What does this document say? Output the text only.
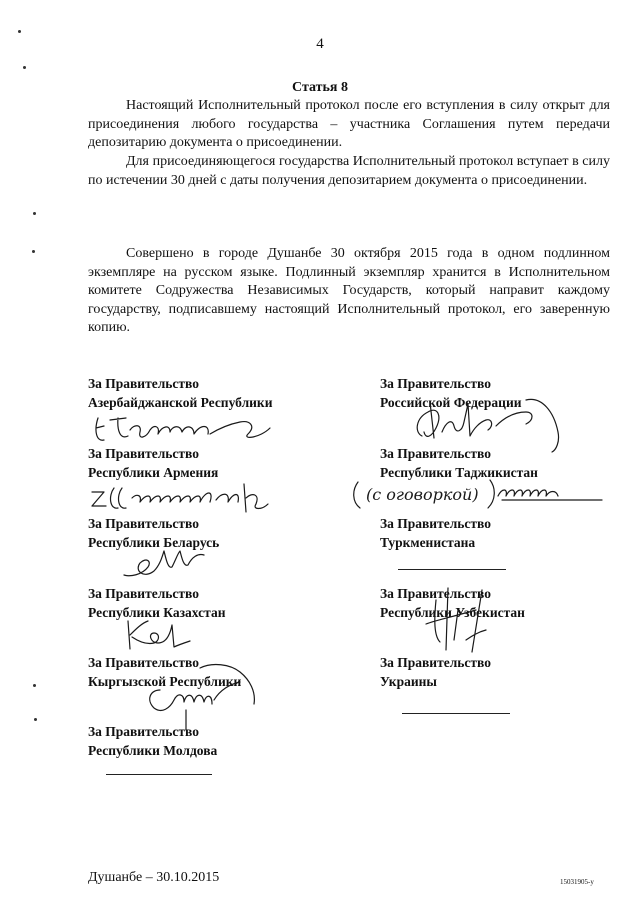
4
Статья 8

Настоящий Исполнительный протокол после его вступления в силу открыт для присоединения любого государства – участника Соглашения путем передачи депозитарию документа о присоединении.

Для присоединяющегося государства Исполнительный протокол вступает в силу по истечении 30 дней с даты получения депозитарием документа о присоединении.

Совершено в городе Душанбе 30 октября 2015 года в одном подлинном экземпляре на русском языке. Подлинный экземпляр хранится в Исполнительном комитете Содружества Независимых Государств, который направит каждому государству, подписавшему настоящий Исполнительный протокол, его заверенную копию.

За Правительство
Азербайджанской Республики
За Правительство
Республики Армения
За Правительство
Республики Беларусь
За Правительство
Республики Казахстан
За Правительство
Кыргызской Республики
За Правительство
Республики Молдова
За Правительство
Российской Федерации
За Правительство
Республики Таджикистан
(с оговоркой)
За Правительство
Туркменистана
За Правительство
Республики Узбекистан
За Правительство
Украины
Душанбе – 30.10.2015	15031905-у
